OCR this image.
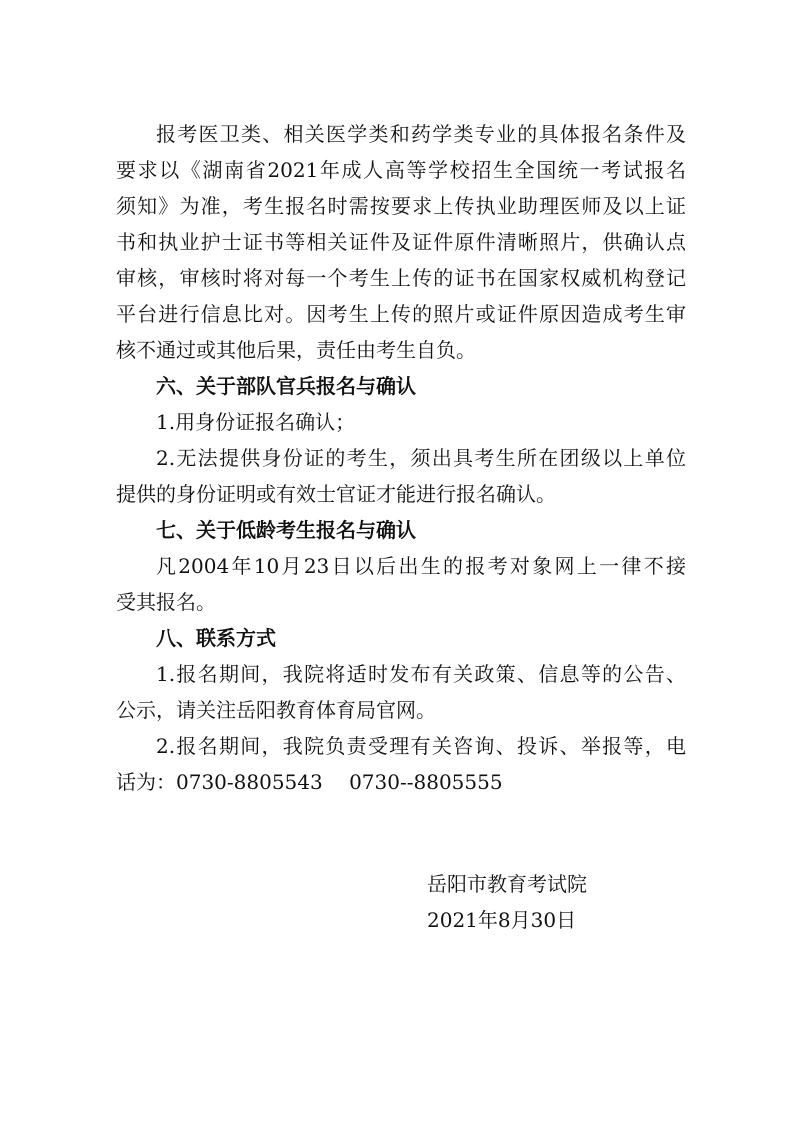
报考医卫类、相关医学类和药学类专业的具体报名条件及
要求以《湖南省2021年成人高等学校招生全国统一考试报名
须知》为准，考生报名时需按要求上传执业助理医师及以上证
书和执业护士证书等相关证件及证件原件清晰照片，供确认点
审核，审核时将对每一个考生上传的证书在国家权威机构登记
平台进行信息比对。因考生上传的照片或证件原因造成考生审
核不通过或其他后果，责任由考生自负。
六、关于部队官兵报名与确认
1.用身份证报名确认；
2.无法提供身份证的考生，须出具考生所在团级以上单位
提供的身份证明或有效士官证才能进行报名确认。
七、关于低龄考生报名与确认
凡2004年10月23日以后出生的报考对象网上一律不接
受其报名。
八、联系方式
1.报名期间，我院将适时发布有关政策、信息等的公告、
公示，请关注岳阳教育体育局官网。
2.报名期间，我院负责受理有关咨询、投诉、举报等，电
话为：0730-8805543　 0730--8805555
岳阳市教育考试院
2021年8月30日
